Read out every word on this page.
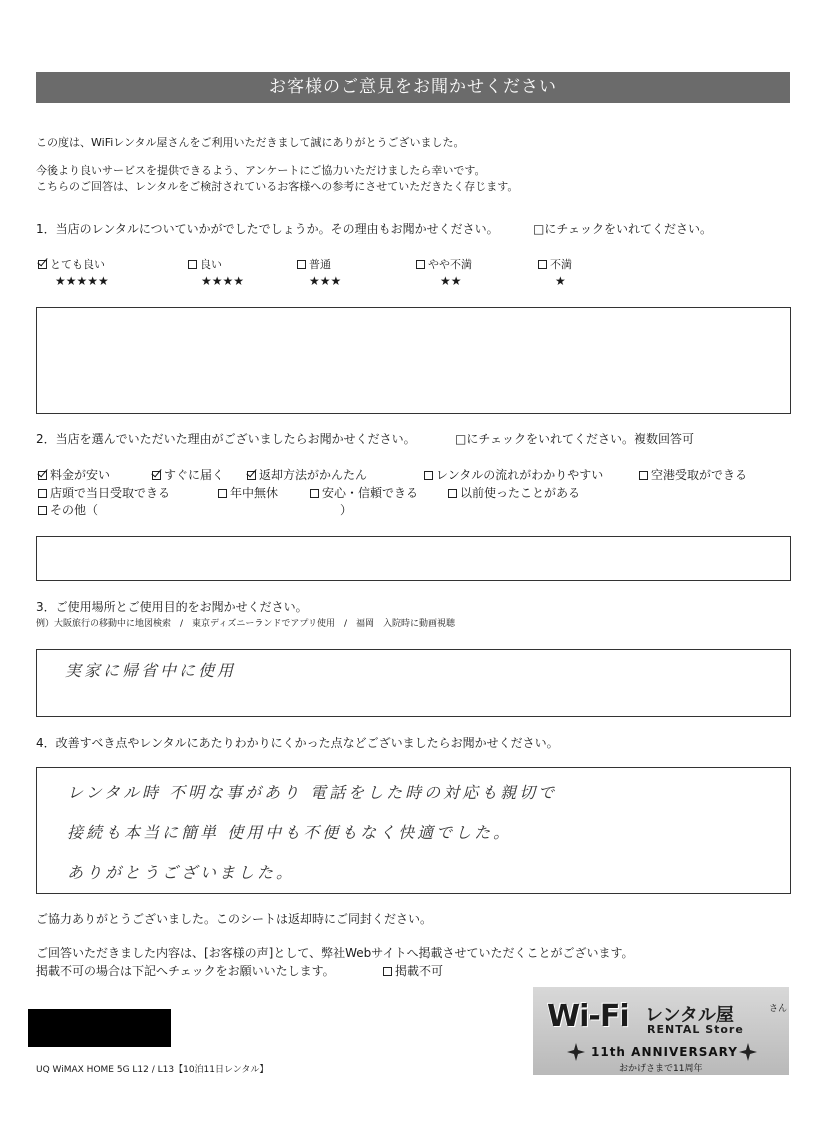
お客様のご意見をお聞かせください
この度は、WiFiレンタル屋さんをご利用いただきまして誠にありがとうございました。
今後より良いサービスを提供できるよう、アンケートにご協力いただけましたら幸いです。
こちらのご回答は、レンタルをご検討されているお客様への参考にさせていただきたく存じます。
1．当店のレンタルについていかがでしたでしょうか。その理由もお聞かせください。	□にチェックをいれてください。
とても良い	良い	普通	やや不満	不満
★★★★★	★★★★	★★★	★★	★
2．当店を選んでいただいた理由がございましたらお聞かせください。	□にチェックをいれてください。複数回答可
料金が安い	すぐに届く	返却方法がかんたん	レンタルの流れがわかりやすい	空港受取ができる
店頭で当日受取できる	年中無休	安心・信頼できる	以前使ったことがある
その他（	）
3．ご使用場所とご使用目的をお聞かせください。
例）大阪旅行の移動中に地図検索　/　東京ディズニーランドでアプリ使用　/　福岡　入院時に動画視聴
実家に帰省中に使用
4．改善すべき点やレンタルにあたりわかりにくかった点などございましたらお聞かせください。
レンタル時 不明な事があり 電話をした時の対応も親切で
接続も本当に簡単 使用中も不便もなく快適でした。
ありがとうございました。
ご協力ありがとうございました。このシートは返却時にご同封ください。
ご回答いただきました内容は、[お客様の声]として、弊社Webサイトへ掲載させていただくことがございます。
掲載不可の場合は下記へチェックをお願いいたします。	掲載不可
UQ WiMAX HOME 5G L12 / L13【10泊11日レンタル】
Wi-Fi レンタル屋	さん
RENTAL Store
11th ANNIVERSARY
おかげさまで11周年
